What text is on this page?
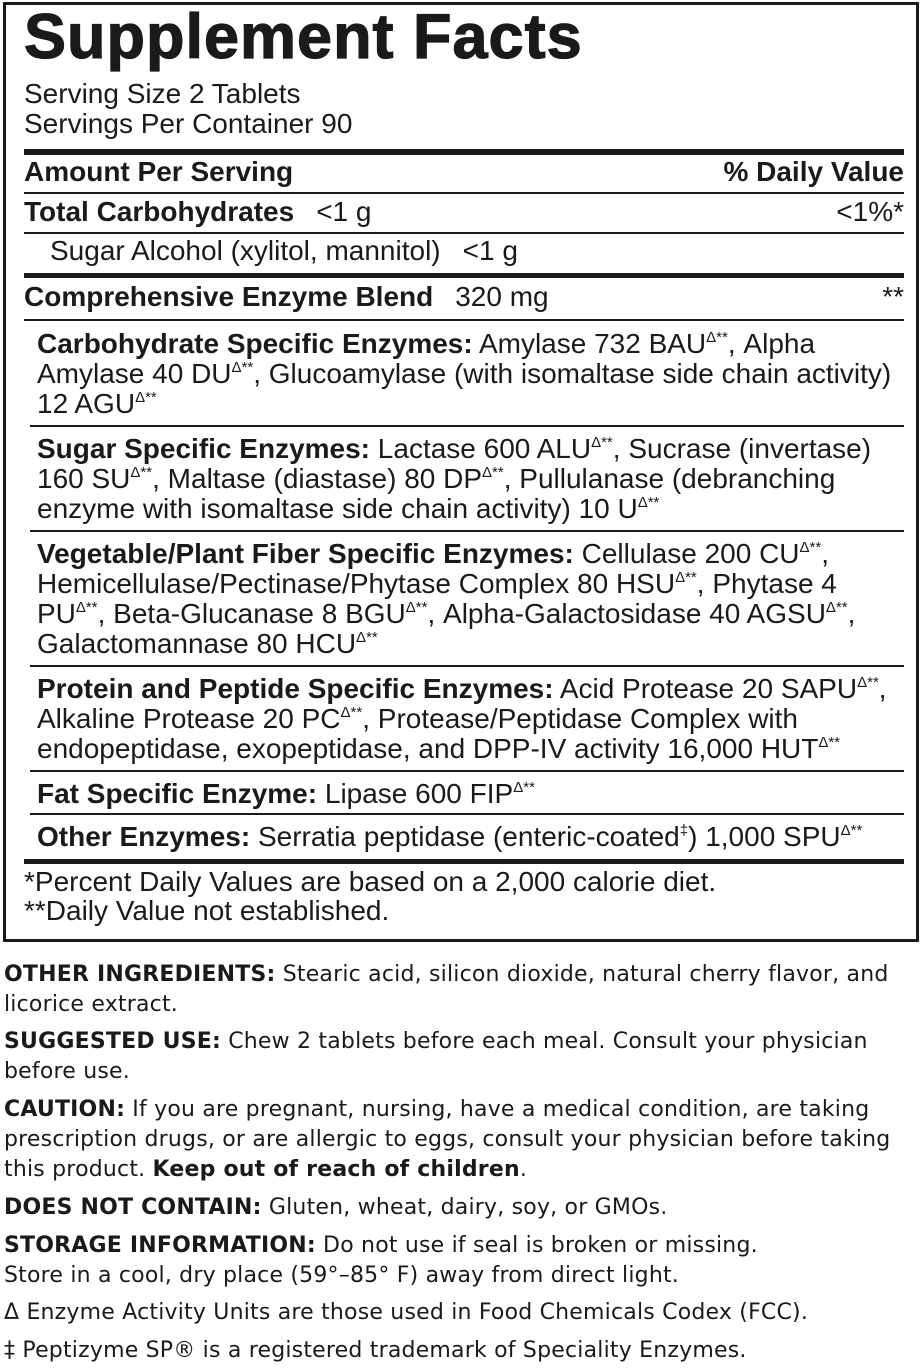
Supplement Facts
Serving Size 2 Tablets
Servings Per Container 90
Amount Per Serving	% Daily Value
Total Carbohydrates <1 g	<1%*
Sugar Alcohol (xylitol, mannitol) <1 g
Comprehensive Enzyme Blend 320 mg	**
Carbohydrate Specific Enzymes: Amylase 732 $BAU^{\Delta**}$, Alpha Amylase 40 $DU^{\Delta**}$, Glucoamylase (with isomaltase side chain activity) 12 $AGU^{\Delta**}$
Sugar Specific Enzymes: Lactase 600 $ALU^{\Delta**}$, Sucrase (invertase) 160 $SU^{\Delta**}$, Maltase (diastase) 80 $DP^{\Delta**}$, Pullulanase (debranching enzyme with isomaltase side chain activity) 10 $U^{\Delta**}$
Vegetable/Plant Fiber Specific Enzymes: Cellulase 200 $CU^{\Delta**}$, Hemicellulase/Pectinase/Phytase Complex 80 $HSU^{\Delta**}$, Phytase 4 $PU^{\Delta**}$, Beta-Glucanase 8 $BGU^{\Delta**}$, Alpha-Galactosidase 40 $AGSU^{\Delta**}$, Galactomannase 80 $HCU^{\Delta**}$
Protein and Peptide Specific Enzymes: Acid Protease 20 $SAPU^{\Delta**}$, Alkaline Protease 20 $PC^{\Delta**}$, Protease/Peptidase Complex with endopeptidase, exopeptidase, and DPP-IV activity 16,000 $HUT^{\Delta**}$
Fat Specific Enzyme: Lipase 600 $FIP^{\Delta**}$
Other Enzymes: Serratia peptidase (enteric-coated‡) 1,000 $SPU^{\Delta**}$
*Percent Daily Values are based on a 2,000 calorie diet.
**Daily Value not established.
OTHER INGREDIENTS: Stearic acid, silicon dioxide, natural cherry flavor, and licorice extract.
SUGGESTED USE: Chew 2 tablets before each meal. Consult your physician before use.
CAUTION: If you are pregnant, nursing, have a medical condition, are taking prescription drugs, or are allergic to eggs, consult your physician before taking this product. Keep out of reach of children.
DOES NOT CONTAIN: Gluten, wheat, dairy, soy, or GMOs.
STORAGE INFORMATION: Do not use if seal is broken or missing.
Store in a cool, dry place (59°–85° F) away from direct light.
Δ Enzyme Activity Units are those used in Food Chemicals Codex (FCC).
‡ Peptizyme SP® is a registered trademark of Speciality Enzymes.
